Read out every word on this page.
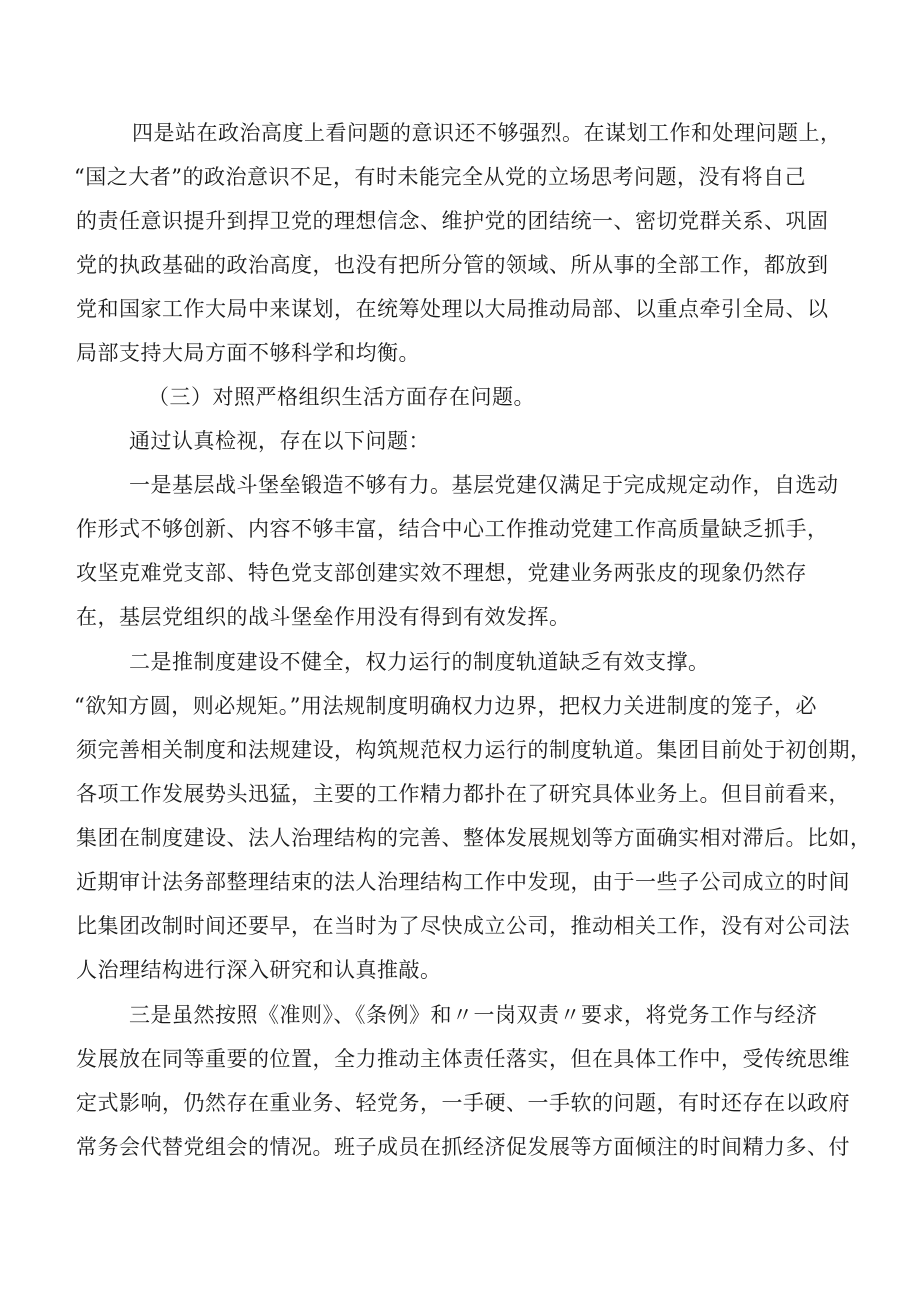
四是站在政治高度上看问题的意识还不够强烈。在谋划工作和处理问题上，

“国之大者”的政治意识不足，有时未能完全从党的立场思考问题，没有将自己

的责任意识提升到捍卫党的理想信念、维护党的团结统一、密切党群关系、巩固

党的执政基础的政治高度，也没有把所分管的领域、所从事的全部工作，都放到

党和国家工作大局中来谋划，在统筹处理以大局推动局部、以重点牵引全局、以

局部支持大局方面不够科学和均衡。

（三）对照严格组织生活方面存在问题。

通过认真检视，存在以下问题：

一是基层战斗堡垒锻造不够有力。基层党建仅满足于完成规定动作，自选动

作形式不够创新、内容不够丰富，结合中心工作推动党建工作高质量缺乏抓手，

攻坚克难党支部、特色党支部创建实效不理想，党建业务两张皮的现象仍然存

在，基层党组织的战斗堡垒作用没有得到有效发挥。

二是推制度建设不健全，权力运行的制度轨道缺乏有效支撑。

“欲知方圆，则必规矩。”用法规制度明确权力边界，把权力关进制度的笼子，必

须完善相关制度和法规建设，构筑规范权力运行的制度轨道。集团目前处于初创期，

各项工作发展势头迅猛，主要的工作精力都扑在了研究具体业务上。但目前看来，

集团在制度建设、法人治理结构的完善、整体发展规划等方面确实相对滞后。比如，

近期审计法务部整理结束的法人治理结构工作中发现，由于一些子公司成立的时间

比集团改制时间还要早，在当时为了尽快成立公司，推动相关工作，没有对公司法

人治理结构进行深入研究和认真推敲。

三是虽然按照《准则》、《条例》和〃一岗双责〃要求，将党务工作与经济

发展放在同等重要的位置，全力推动主体责任落实，但在具体工作中，受传统思维

定式影响，仍然存在重业务、轻党务，一手硬、一手软的问题，有时还存在以政府

常务会代替党组会的情况。班子成员在抓经济促发展等方面倾注的时间精力多、付
